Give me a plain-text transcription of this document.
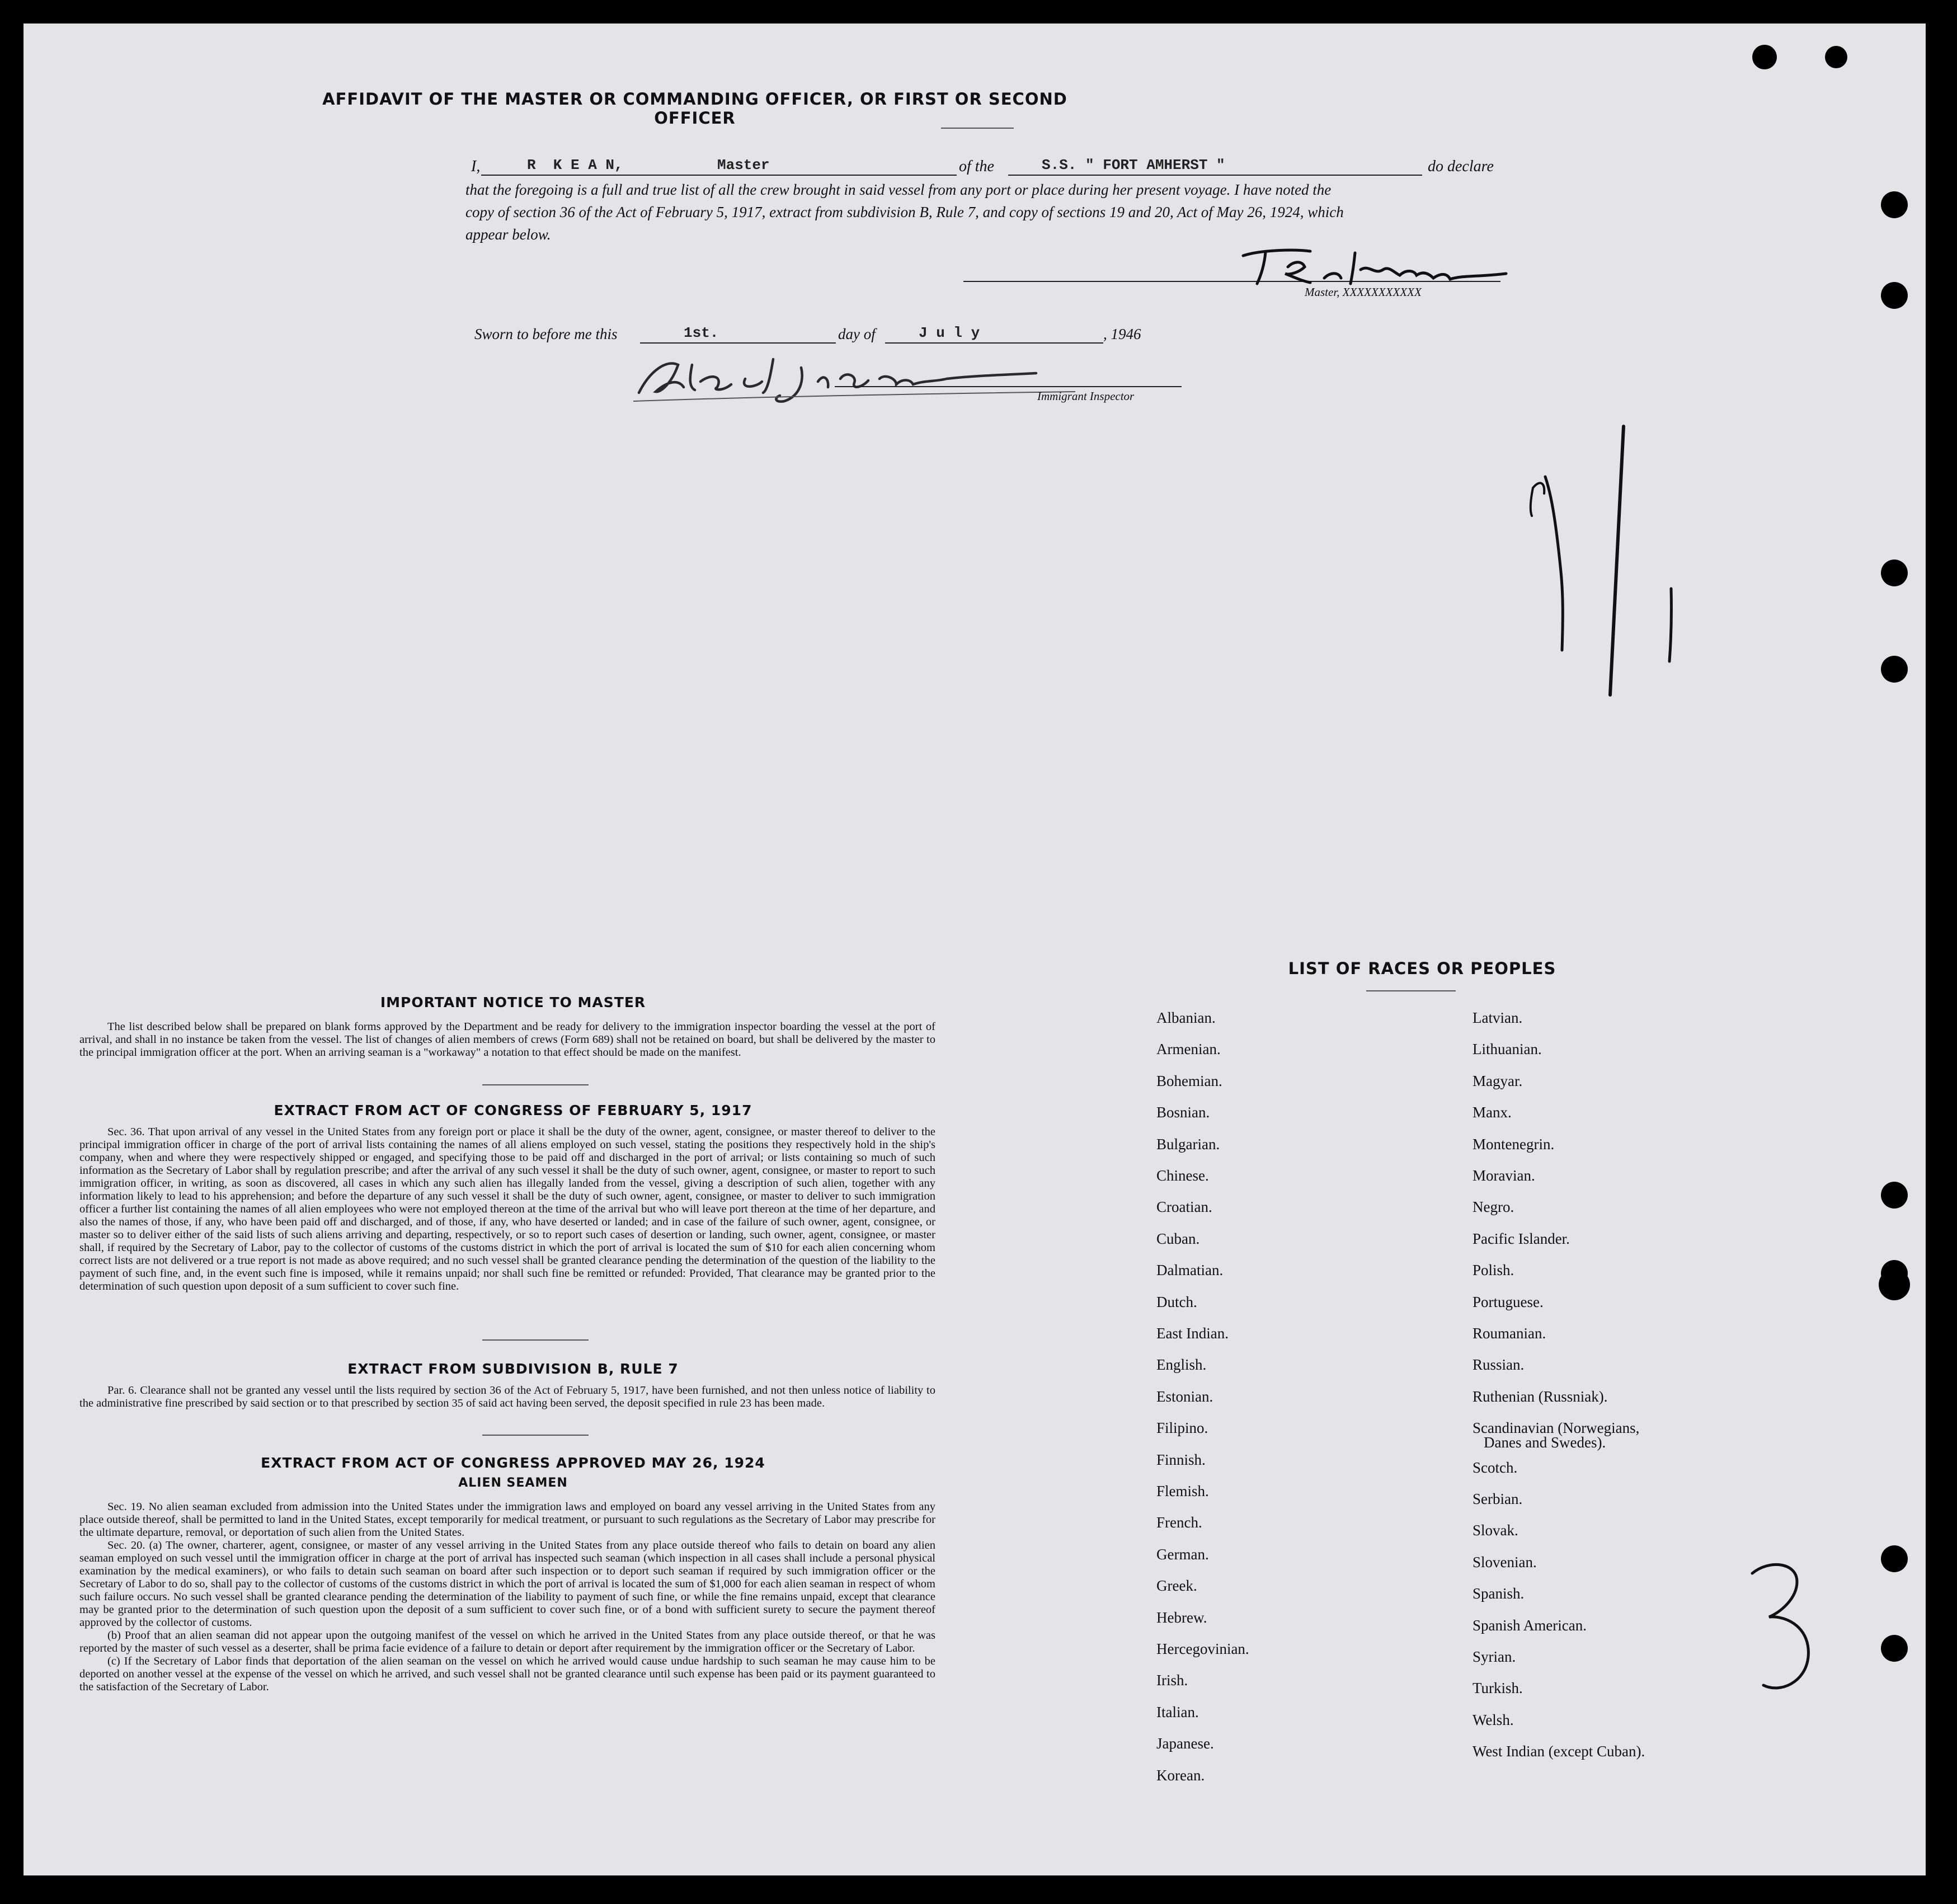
AFFIDAVIT OF THE MASTER OR COMMANDING OFFICER, OR FIRST OR SECOND OFFICER
I,	R  K E A N,	Master	of the	S.S. " FORT AMHERST "	do declare
that the foregoing is a full and true list of all the crew brought in said vessel from any port or place during her present voyage. I have noted the
copy of section 36 of the Act of February 5, 1917, extract from subdivision B, Rule 7, and copy of sections 19 and 20, Act of May 26, 1924, which
appear below.
Master, XXXXXXXXXXX
Sworn to before me this	1st.	day of	J u l y	, 1946
Immigrant Inspector
IMPORTANT NOTICE TO MASTER

The list described below shall be prepared on blank forms approved by the Department and be ready for delivery to the immigration inspector boarding the vessel at the port of arrival, and shall in no instance be taken from the vessel. The list of changes of alien members of crews (Form 689) shall not be retained on board, but shall be delivered by the master to the principal immigration officer at the port. When an arriving seaman is a "workaway" a notation to that effect should be made on the manifest.

EXTRACT FROM ACT OF CONGRESS OF FEBRUARY 5, 1917

Sec. 36. That upon arrival of any vessel in the United States from any foreign port or place it shall be the duty of the owner, agent, consignee, or master thereof to deliver to the principal immigration officer in charge of the port of arrival lists containing the names of all aliens employed on such vessel, stating the positions they respectively hold in the ship's company, when and where they were respectively shipped or engaged, and specifying those to be paid off and discharged in the port of arrival; or lists containing so much of such information as the Secretary of Labor shall by regulation prescribe; and after the arrival of any such vessel it shall be the duty of such owner, agent, consignee, or master to report to such immigration officer, in writing, as soon as discovered, all cases in which any such alien has illegally landed from the vessel, giving a description of such alien, together with any information likely to lead to his apprehension; and before the departure of any such vessel it shall be the duty of such owner, agent, consignee, or master to deliver to such immigration officer a further list containing the names of all alien employees who were not employed thereon at the time of the arrival but who will leave port thereon at the time of her departure, and also the names of those, if any, who have been paid off and discharged, and of those, if any, who have deserted or landed; and in case of the failure of such owner, agent, consignee, or master so to deliver either of the said lists of such aliens arriving and departing, respectively, or so to report such cases of desertion or landing, such owner, agent, consignee, or master shall, if required by the Secretary of Labor, pay to the collector of customs of the customs district in which the port of arrival is located the sum of $10 for each alien concerning whom correct lists are not delivered or a true report is not made as above required; and no such vessel shall be granted clearance pending the determination of the question of the liability to the payment of such fine, and, in the event such fine is imposed, while it remains unpaid; nor shall such fine be remitted or refunded: Provided, That clearance may be granted prior to the determination of such question upon deposit of a sum sufficient to cover such fine.

EXTRACT FROM SUBDIVISION B, RULE 7

Par. 6. Clearance shall not be granted any vessel until the lists required by section 36 of the Act of February 5, 1917, have been furnished, and not then unless notice of liability to the administrative fine prescribed by said section or to that prescribed by section 35 of said act having been served, the deposit specified in rule 23 has been made.

EXTRACT FROM ACT OF CONGRESS APPROVED MAY 26, 1924
ALIEN SEAMEN

Sec. 19. No alien seaman excluded from admission into the United States under the immigration laws and employed on board any vessel arriving in the United States from any place outside thereof, shall be permitted to land in the United States, except temporarily for medical treatment, or pursuant to such regulations as the Secretary of Labor may prescribe for the ultimate departure, removal, or deportation of such alien from the United States.

Sec. 20. (a) The owner, charterer, agent, consignee, or master of any vessel arriving in the United States from any place outside thereof who fails to detain on board any alien seaman employed on such vessel until the immigration officer in charge at the port of arrival has inspected such seaman (which inspection in all cases shall include a personal physical examination by the medical examiners), or who fails to detain such seaman on board after such inspection or to deport such seaman if required by such immigration officer or the Secretary of Labor to do so, shall pay to the collector of customs of the customs district in which the port of arrival is located the sum of $1,000 for each alien seaman in respect of whom such failure occurs. No such vessel shall be granted clearance pending the determination of the liability to payment of such fine, or while the fine remains unpaid, except that clearance may be granted prior to the determination of such question upon the deposit of a sum sufficient to cover such fine, or of a bond with sufficient surety to secure the payment thereof approved by the collector of customs.

(b) Proof that an alien seaman did not appear upon the outgoing manifest of the vessel on which he arrived in the United States from any place outside thereof, or that he was reported by the master of such vessel as a deserter, shall be prima facie evidence of a failure to detain or deport after requirement by the immigration officer or the Secretary of Labor.

(c) If the Secretary of Labor finds that deportation of the alien seaman on the vessel on which he arrived would cause undue hardship to such seaman he may cause him to be deported on another vessel at the expense of the vessel on which he arrived, and such vessel shall not be granted clearance until such expense has been paid or its payment guaranteed to the satisfaction of the Secretary of Labor.

LIST OF RACES OR PEOPLES
Albanian.
Armenian.
Bohemian.
Bosnian.
Bulgarian.
Chinese.
Croatian.
Cuban.
Dalmatian.
Dutch.
East Indian.
English.
Estonian.
Filipino.
Finnish.
Flemish.
French.
German.
Greek.
Hebrew.
Hercegovinian.
Irish.
Italian.
Japanese.
Korean.
Latvian.
Lithuanian.
Magyar.
Manx.
Montenegrin.
Moravian.
Negro.
Pacific Islander.
Polish.
Portuguese.
Roumanian.
Russian.
Ruthenian (Russniak).
Scandinavian (Norwegians,
Danes and Swedes).
Scotch.
Serbian.
Slovak.
Slovenian.
Spanish.
Spanish American.
Syrian.
Turkish.
Welsh.
West Indian (except Cuban).
